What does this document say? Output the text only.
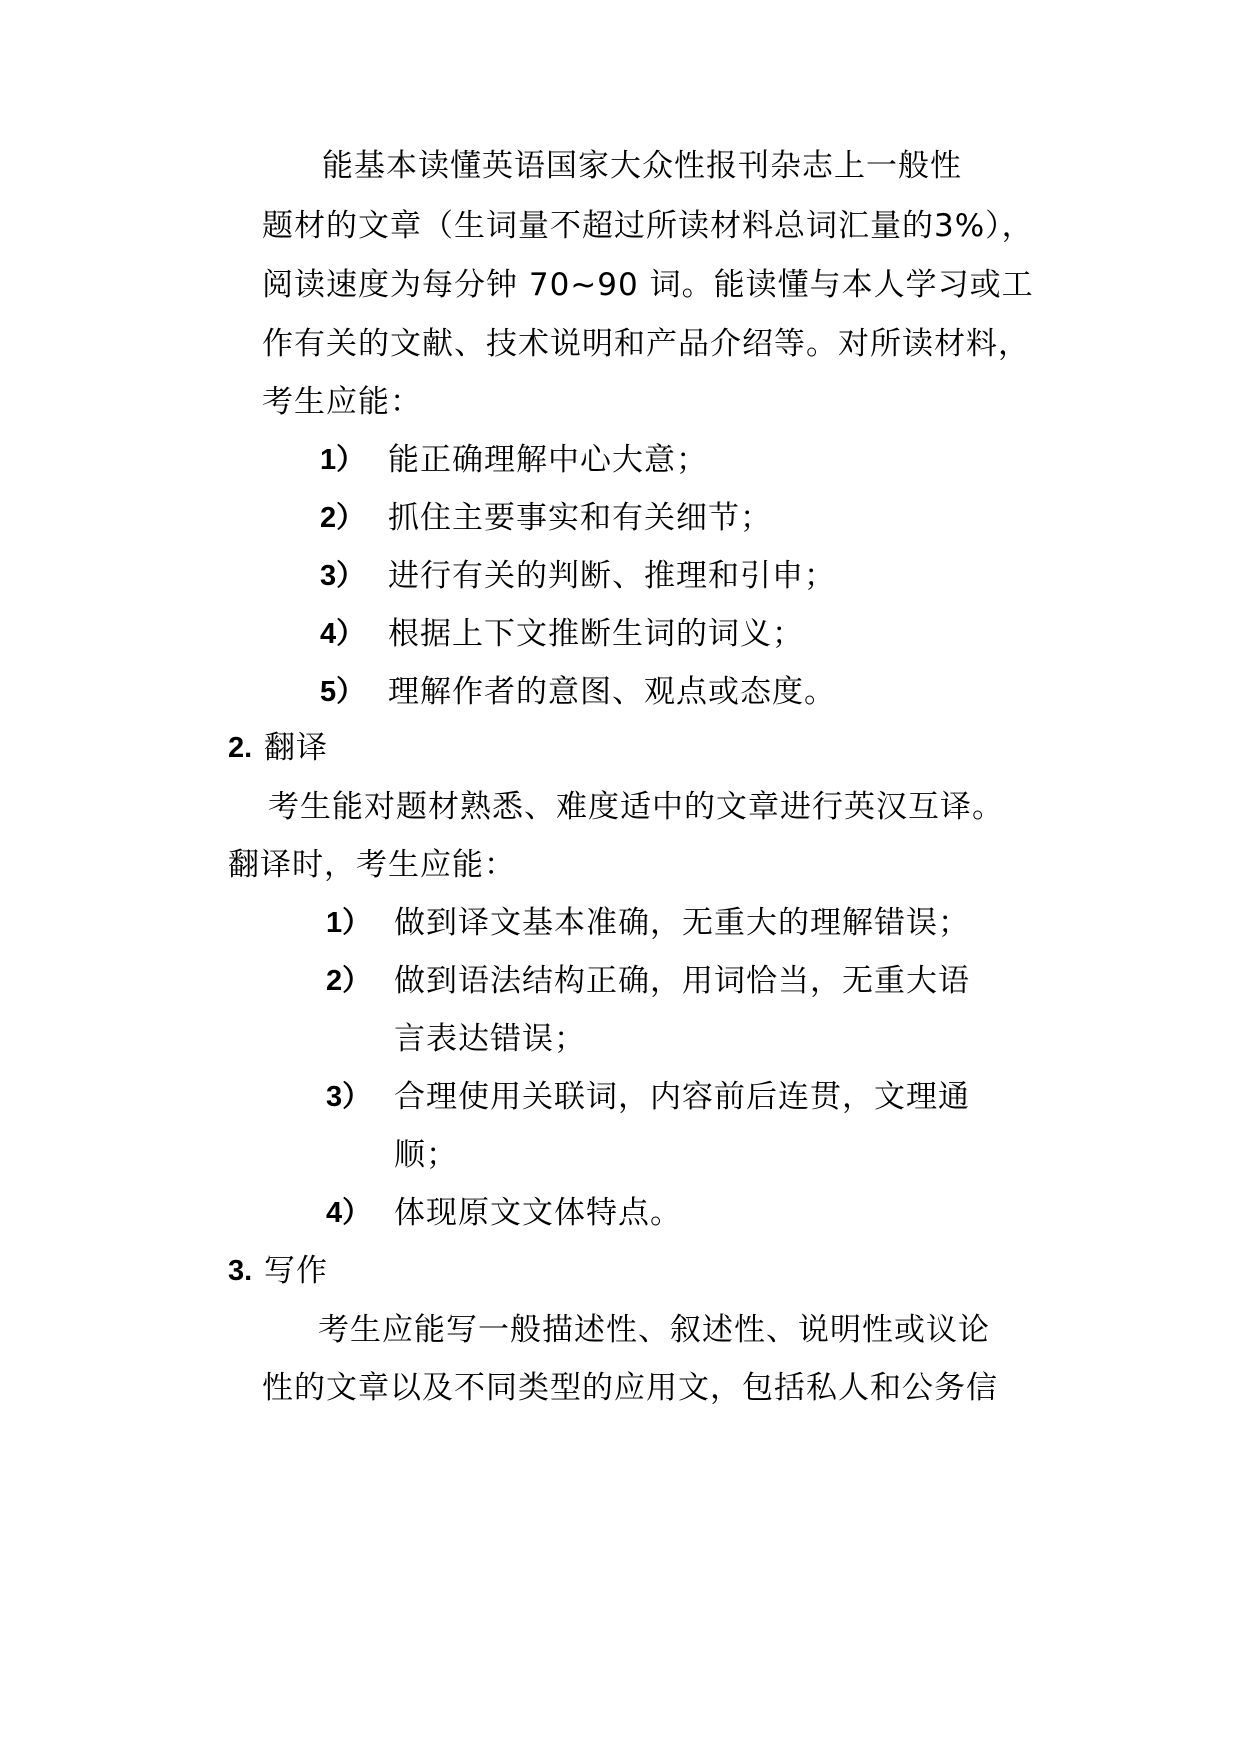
能基本读懂英语国家大众性报刊杂志上一般性
题材的文章（生词量不超过所读材料总词汇量的3%），
阅读速度为每分钟 70~90 词。能读懂与本人学习或工
作有关的文献、技术说明和产品介绍等。对所读材料，
考生应能：
1） 能正确理解中心大意；
2） 抓住主要事实和有关细节；
3） 进行有关的判断、推理和引申；
4） 根据上下文推断生词的词义；
5） 理解作者的意图、观点或态度。
2. 翻译
考生能对题材熟悉、难度适中的文章进行英汉互译。
翻译时，考生应能：
1） 做到译文基本准确，无重大的理解错误；
2） 做到语法结构正确，用词恰当，无重大语
言表达错误；
3） 合理使用关联词，内容前后连贯，文理通
顺；
4） 体现原文文体特点。
3. 写作
考生应能写一般描述性、叙述性、说明性或议论
性的文章以及不同类型的应用文，包括私人和公务信
